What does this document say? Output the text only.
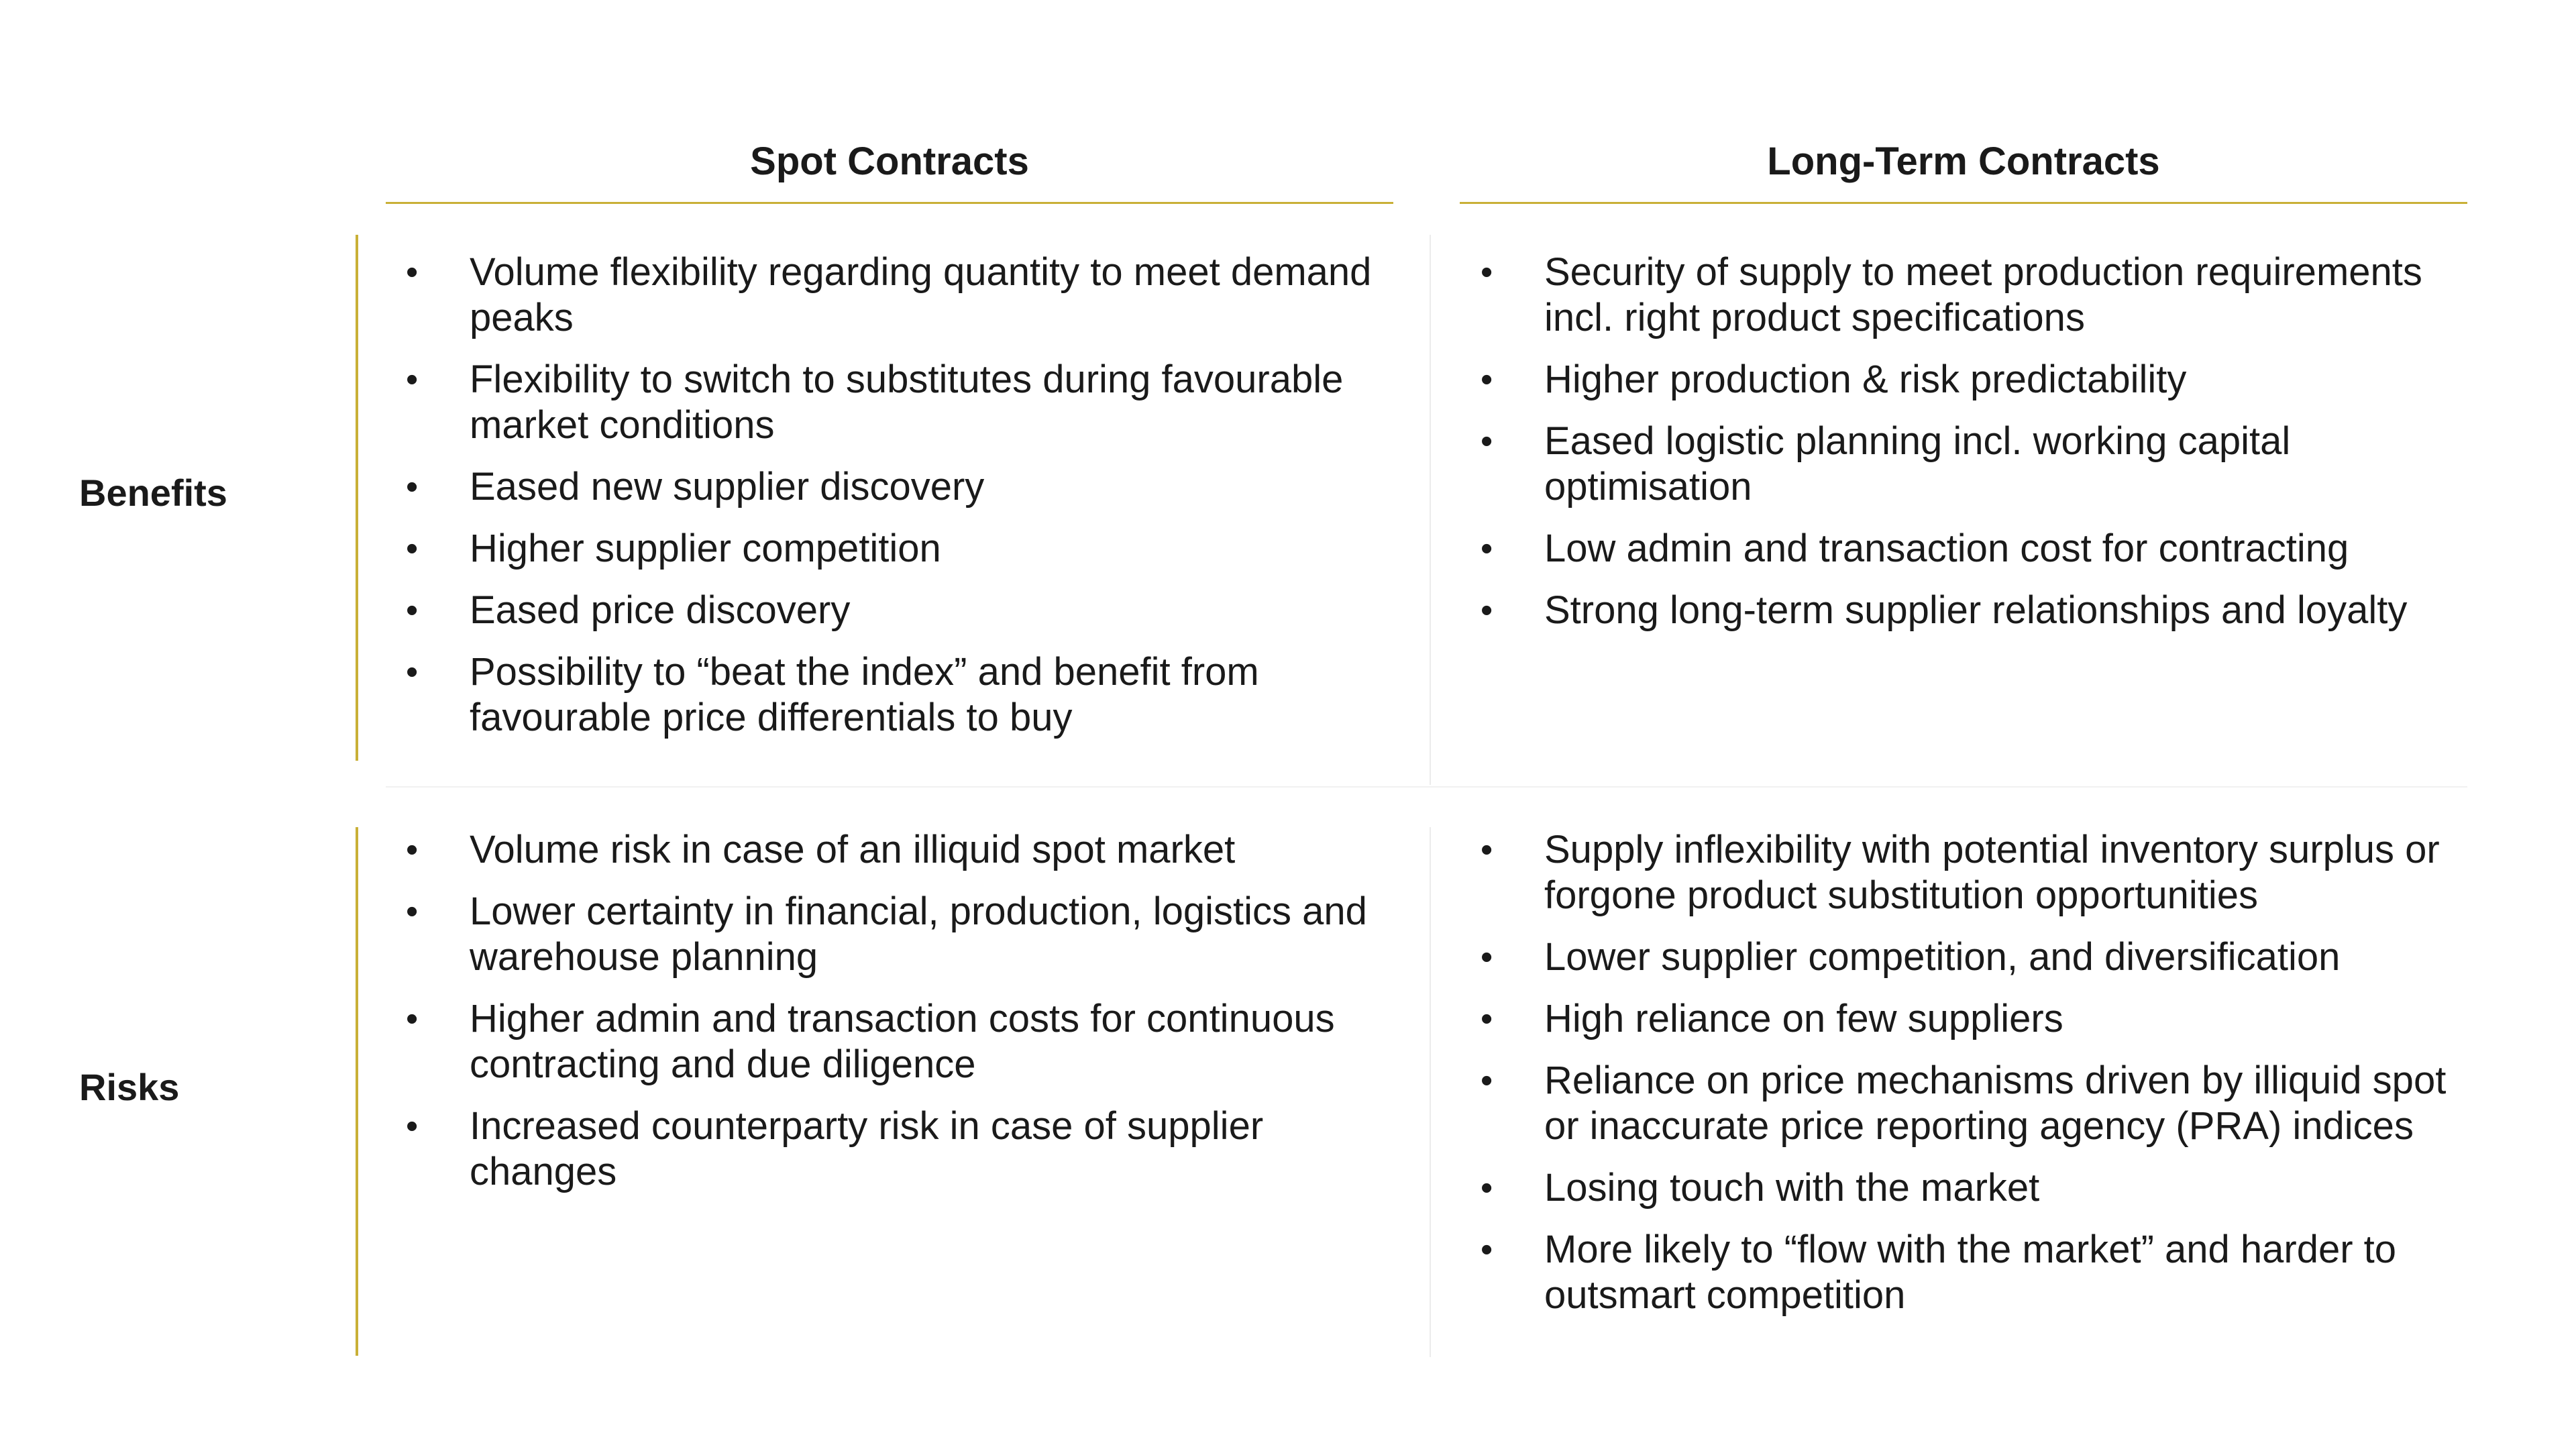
Spot Contracts	Long-Term Contracts
Benefits
Risks
• Volume flexibility regarding quantity to meet demand peaks
• Flexibility to switch to substitutes during favourable market conditions
• Eased new supplier discovery
• Higher supplier competition
• Eased price discovery
• Possibility to “beat the index” and benefit from favourable price differentials to buy
• Security of supply to meet production requirements incl. right product specifications
• Higher production & risk predictability
• Eased logistic planning incl. working capital optimisation
• Low admin and transaction cost for contracting
• Strong long-term supplier relationships and loyalty
• Volume risk in case of an illiquid spot market
• Lower certainty in financial, production, logistics and warehouse planning
• Higher admin and transaction costs for continuous contracting and due diligence
• Increased counterparty risk in case of supplier changes
• Supply inflexibility with potential inventory surplus or forgone product substitution opportunities
• Lower supplier competition, and diversification
• High reliance on few suppliers
• Reliance on price mechanisms driven by illiquid spot or inaccurate price reporting agency (PRA) indices
• Losing touch with the market
• More likely to “flow with the market” and harder to outsmart competition
